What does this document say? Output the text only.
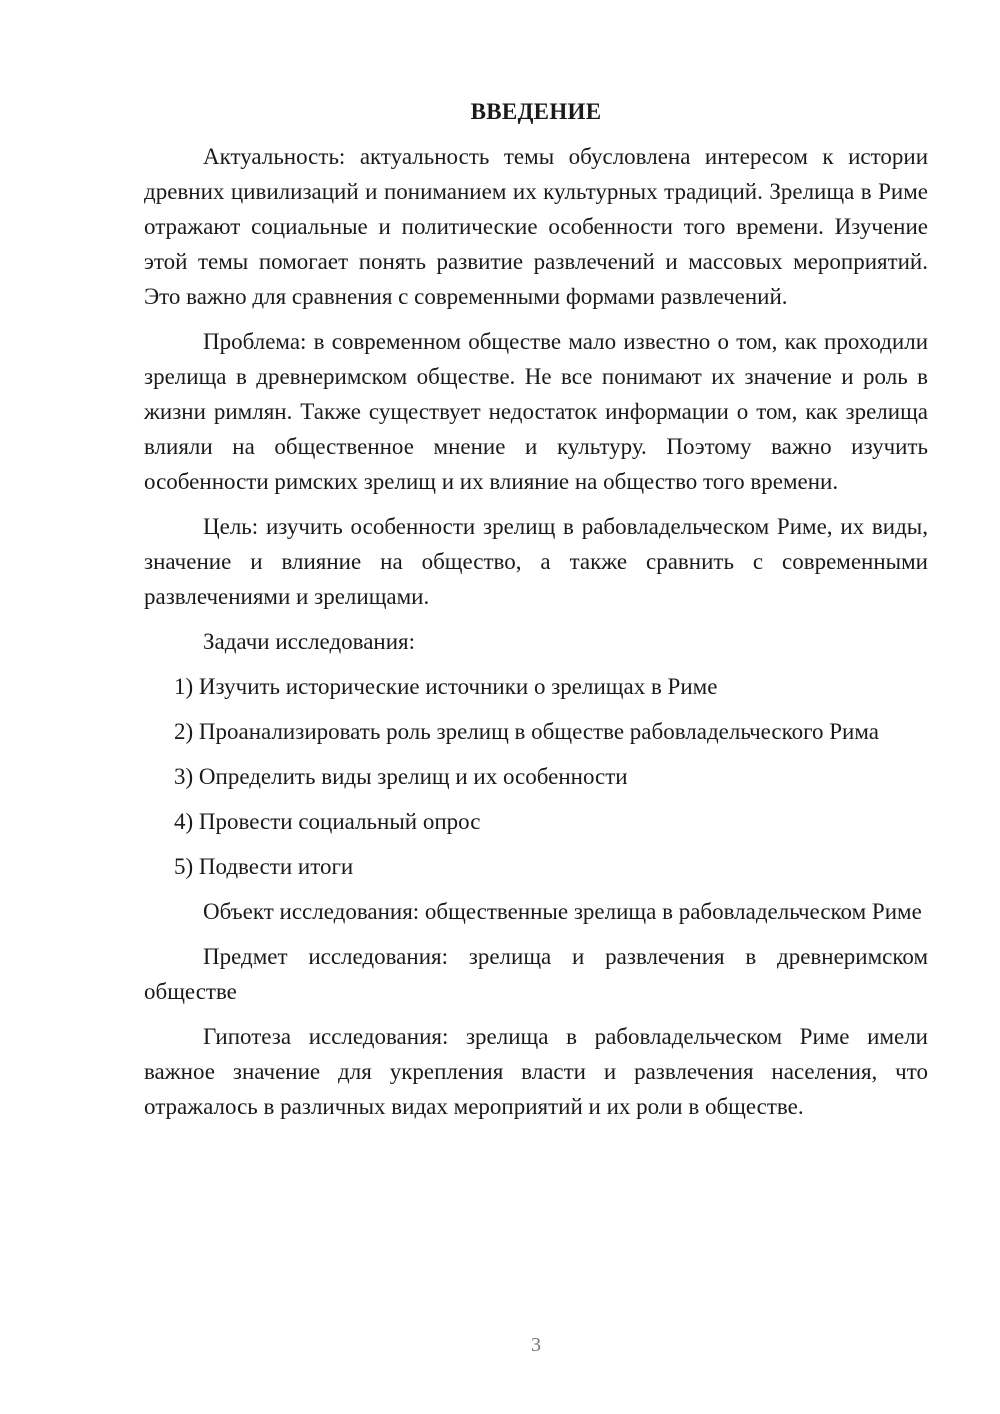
ВВЕДЕНИЕ

Актуальность: актуальность темы обусловлена интересом к истории древних цивилизаций и пониманием их культурных традиций. Зрелища в Риме отражают социальные и политические особенности того времени. Изучение этой темы помогает понять развитие развлечений и массовых мероприятий. Это важно для сравнения с современными формами развлечений.

Проблема: в современном обществе мало известно о том, как проходили зрелища в древнеримском обществе. Не все понимают их значение и роль в жизни римлян. Также существует недостаток информации о том, как зрелища влияли на общественное мнение и культуру. Поэтому важно изучить особенности римских зрелищ и их влияние на общество того времени.

Цель: изучить особенности зрелищ в рабовладельческом Риме, их виды, значение и влияние на общество, а также сравнить с современными развлечениями и зрелищами.

Задачи исследования:

1) Изучить исторические источники о зрелищах в Риме

2) Проанализировать роль зрелищ в обществе рабовладельческого Рима

3) Определить виды зрелищ и их особенности

4) Провести социальный опрос

5) Подвести итоги

Объект исследования: общественные зрелища в рабовладельческом Риме

Предмет исследования: зрелища и развлечения в древнеримском обществе

Гипотеза исследования: зрелища в рабовладельческом Риме имели важное значение для укрепления власти и развлечения населения, что отражалось в различных видах мероприятий и их роли в обществе.

3
